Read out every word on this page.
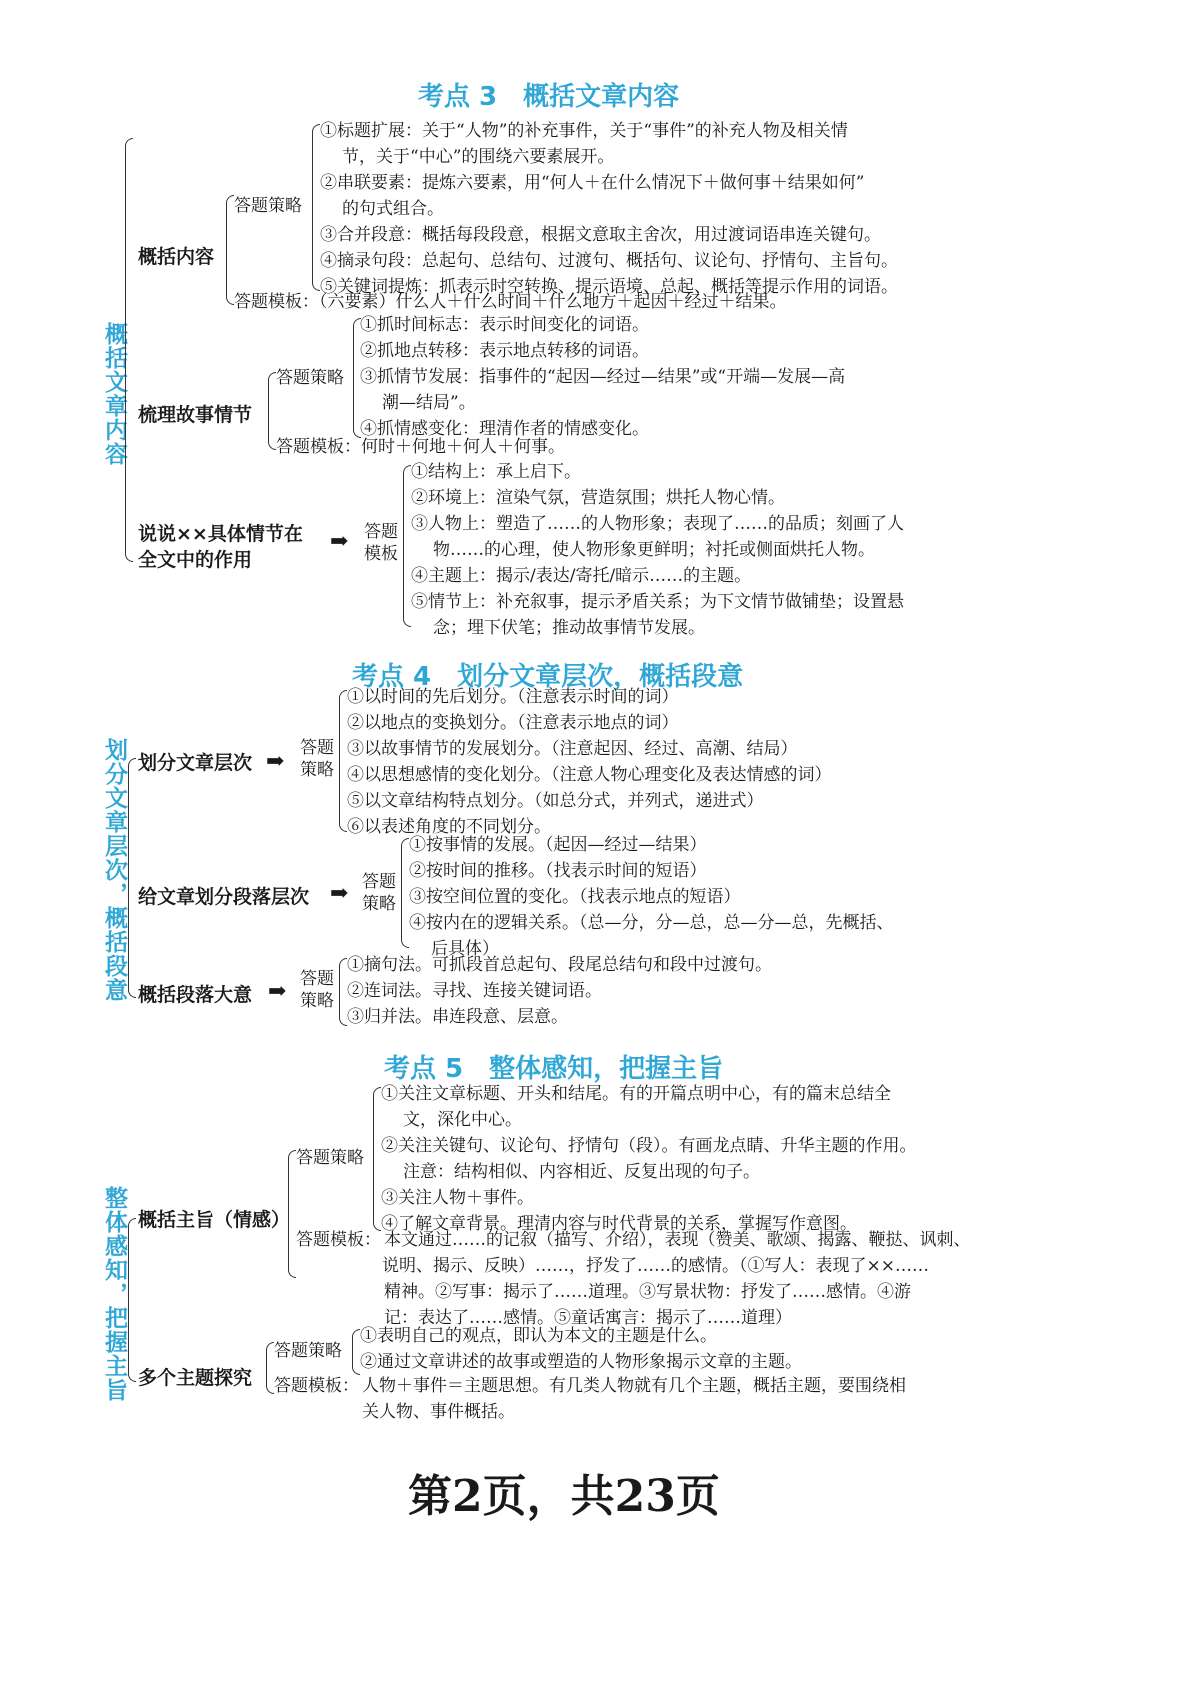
考点 3　概括文章内容
概括文章内容
概括内容
答题策略
①标题扩展：关于“人物”的补充事件，关于“事件”的补充人物及相关情
节，关于“中心”的围绕六要素展开。
②串联要素：提炼六要素，用“何人＋在什么情况下＋做何事＋结果如何”
的句式组合。
③合并段意：概括每段段意，根据文意取主舍次，用过渡词语串连关键句。
④摘录句段：总起句、总结句、过渡句、概括句、议论句、抒情句、主旨句。
⑤关键词提炼：抓表示时空转换、提示语境、总起、概括等提示作用的词语。
答题模板：（六要素）什么人＋什么时间＋什么地方＋起因＋经过＋结果。
梳理故事情节
答题策略
①抓时间标志：表示时间变化的词语。
②抓地点转移：表示地点转移的词语。
③抓情节发展：指事件的“起因—经过—结果”或“开端—发展—高
潮—结局”。
④抓情感变化：理清作者的情感变化。
答题模板：何时＋何地＋何人＋何事。
说说××具体情节在
全文中的作用
➡ 答题
模板
①结构上：承上启下。
②环境上：渲染气氛，营造氛围；烘托人物心情。
③人物上：塑造了……的人物形象；表现了……的品质；刻画了人
物……的心理，使人物形象更鲜明；衬托或侧面烘托人物。
④主题上：揭示/表达/寄托/暗示……的主题。
⑤情节上：补充叙事，提示矛盾关系；为下文情节做铺垫；设置悬
念；埋下伏笔；推动故事情节发展。
考点 4　划分文章层次，概括段意
划分文章层次，概括段意 划分文章层次 ➡ 答题
策略
①以时间的先后划分。（注意表示时间的词）
②以地点的变换划分。（注意表示地点的词）
③以故事情节的发展划分。（注意起因、经过、高潮、结局）
④以思想感情的变化划分。（注意人物心理变化及表达情感的词）
⑤以文章结构特点划分。（如总分式，并列式，递进式）
⑥以表述角度的不同划分。
给文章划分段落层次 ➡ 答题
策略
①按事情的发展。（起因—经过—结果）
②按时间的推移。（找表示时间的短语）
③按空间位置的变化。（找表示地点的短语）
④按内在的逻辑关系。（总—分，分—总，总—分—总，先概括、
后具体）
概括段落大意 ➡ 答题
策略
①摘句法。可抓段首总起句、段尾总结句和段中过渡句。
②连词法。寻找、连接关键词语。
③归并法。串连段意、层意。
考点 5　整体感知，把握主旨
整体感知，把握主旨 概括主旨（情感）
答题策略
①关注文章标题、开头和结尾。有的开篇点明中心，有的篇末总结全
文，深化中心。
②关注关键句、议论句、抒情句（段）。有画龙点睛、升华主题的作用。
注意：结构相似、内容相近、反复出现的句子。
③关注人物＋事件。
④了解文章背景。理清内容与时代背景的关系，掌握写作意图。
答题模板： 本文通过……的记叙（描写、介绍），表现（赞美、歌颂、揭露、鞭挞、讽刺、
说明、揭示、反映）……，抒发了……的感情。（①写人：表现了××……
精神。②写事：揭示了……道理。③写景状物：抒发了……感情。④游
记：表达了……感情。⑤童话寓言：揭示了……道理）
多个主题探究
答题策略
①表明自己的观点，即认为本文的主题是什么。
②通过文章讲述的故事或塑造的人物形象揭示文章的主题。
答题模板： 人物＋事件＝主题思想。有几类人物就有几个主题，概括主题，要围绕相
关人物、事件概括。
第2页，共23页
